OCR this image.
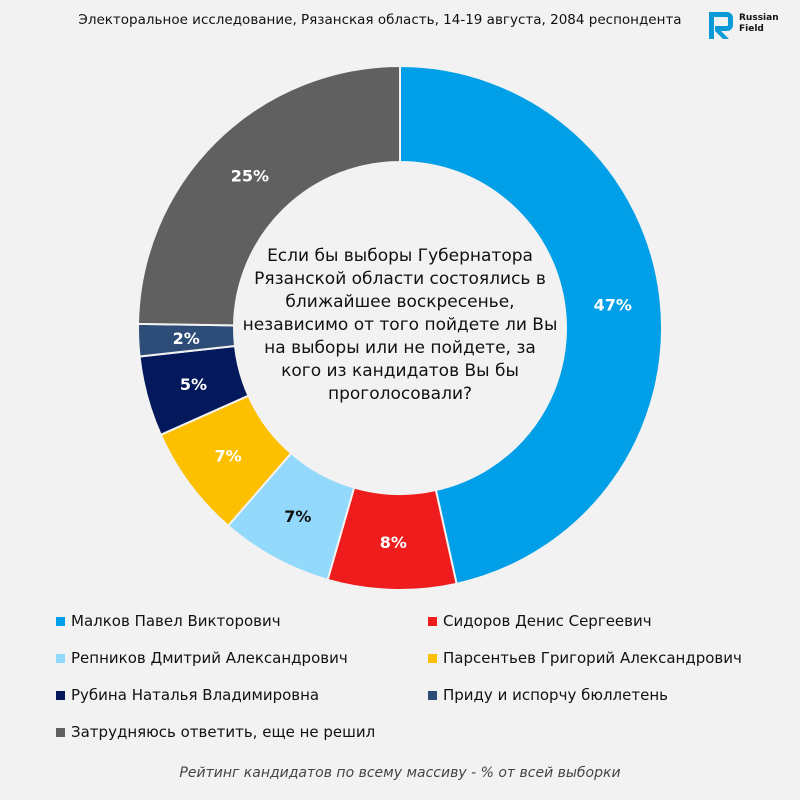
Электоральное исследование, Рязанская область, 14-19 августа, 2084 респондента	Russian
Field
47%
8%
7%
7%
5%
2%
25%
Если бы выборы Губернатора Рязанской области состоялись в ближайшее воскресенье, независимо от того пойдете ли Вы на выборы или не пойдете, за кого из кандидатов Вы бы проголосовали?
Малков Павел Викторович	Сидоров Денис Сергеевич
Репников Дмитрий Александрович	Парсентьев Григорий Александрович
Рубина Наталья Владимировна	Приду и испорчу бюллетень
Затрудняюсь ответить, еще не решил
Рейтинг кандидатов по всему массиву - % от всей выборки
